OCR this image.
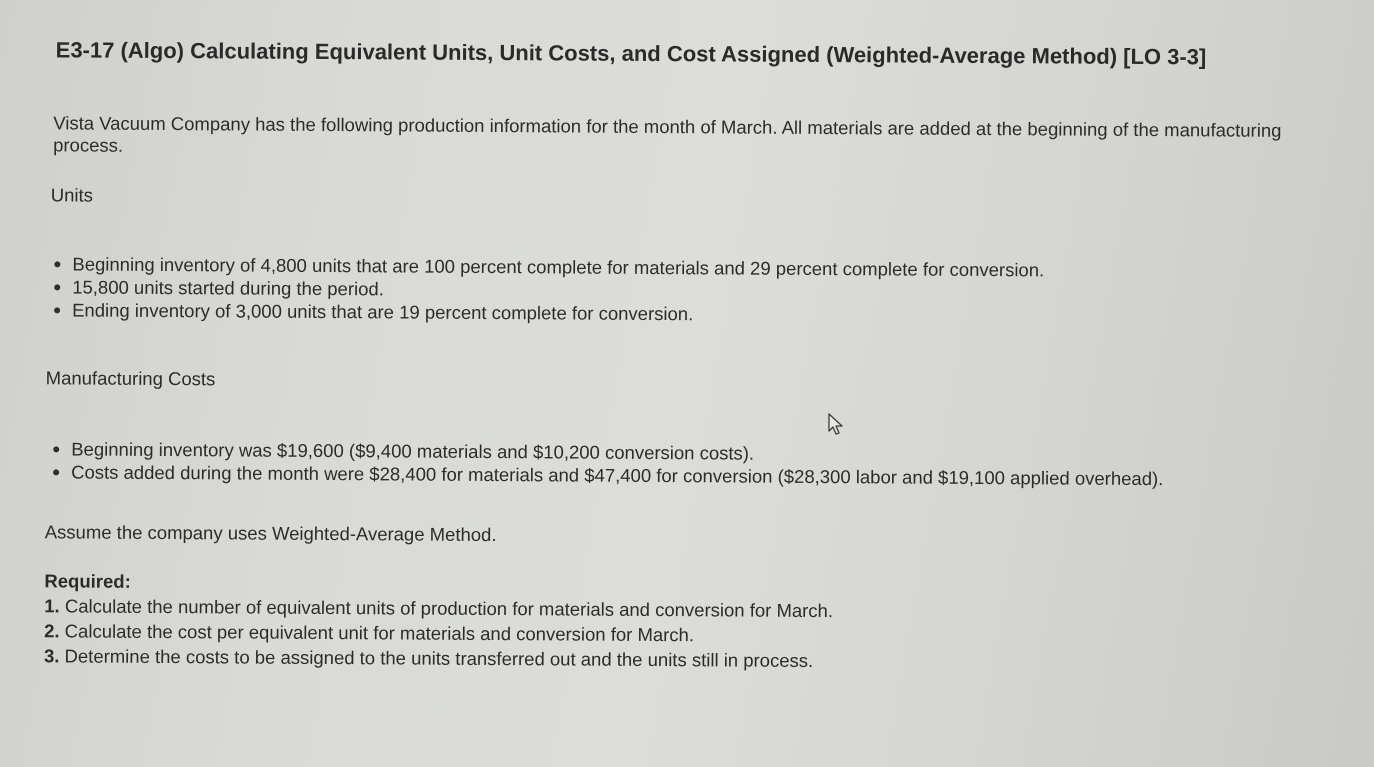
E3-17 (Algo) Calculating Equivalent Units, Unit Costs, and Cost Assigned (Weighted-Average Method) [LO 3-3]

Vista Vacuum Company has the following production information for the month of March. All materials are added at the beginning of the manufacturing process.

Units
Beginning inventory of 4,800 units that are 100 percent complete for materials and 29 percent complete for conversion.
15,800 units started during the period.
Ending inventory of 3,000 units that are 19 percent complete for conversion.
Manufacturing Costs
Beginning inventory was $19,600 ($9,400 materials and $10,200 conversion costs).
Costs added during the month were $28,400 for materials and $47,400 for conversion ($28,300 labor and $19,100 applied overhead).

Assume the company uses Weighted-Average Method.

Required:
1. Calculate the number of equivalent units of production for materials and conversion for March.
2. Calculate the cost per equivalent unit for materials and conversion for March.
3. Determine the costs to be assigned to the units transferred out and the units still in process.
